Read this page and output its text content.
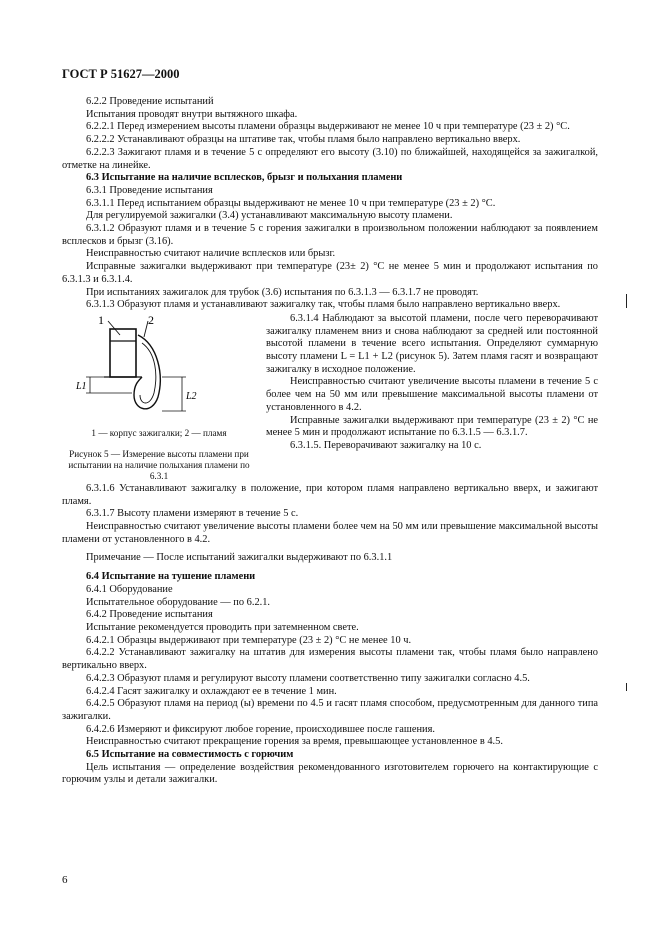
ГОСТ Р 51627—2000

6.2.2 Проведение испытаний

Испытания проводят внутри вытяжного шкафа.

6.2.2.1 Перед измерением высоты пламени образцы выдерживают не менее 10 ч при температуре (23 ± 2) °С.

6.2.2.2 Устанавливают образцы на штативе так, чтобы пламя было направлено вертикально вверх.

6.2.2.3 Зажигают пламя и в течение 5 с определяют его высоту (3.10) по ближайшей, находящейся за зажигалкой, отметке на линейке.

6.3 Испытание на наличие всплесков, брызг и полыхания пламени

6.3.1 Проведение испытания

6.3.1.1 Перед испытанием образцы выдерживают не менее 10 ч при температуре (23 ± 2) °С.

Для регулируемой зажигалки (3.4) устанавливают максимальную высоту пламени.

6.3.1.2 Образуют пламя и в течение 5 с горения зажигалки в произвольном положении наблюдают за появлением всплесков и брызг (3.16).

Неисправностью считают наличие всплесков или брызг.

Исправные зажигалки выдерживают при температуре (23± 2) °С не менее 5 мин и продолжают испытания по 6.3.1.3 и 6.3.1.4.

При испытаниях зажигалок для трубок (3.6) испытания по 6.3.1.3 — 6.3.1.7 не проводят.

6.3.1.3 Образуют пламя и устанавливают зажигалку так, чтобы пламя было направлено вертикально вверх.

1	2
L2
L1

1 — корпус зажигалки; 2 — пламя

Рисунок 5 — Измерение высоты пламени при испытании на наличие полыхания пламени по 6.3.1

6.3.1.4 Наблюдают за высотой пламени, после чего переворачивают зажигалку пламенем вниз и снова наблюдают за средней или постоянной высотой пламени в течение всего испытания. Определяют суммарную высоту пламени L = L1 + L2 (рисунок 5). Затем пламя гасят и возвращают зажигалку в исходное положение.

Неисправностью считают увеличение высоты пламени в течение 5 с более чем на 50 мм или превышение максимальной высоты пламени от установленного в 4.2.

Исправные зажигалки выдерживают при температуре (23 ± 2) °С не менее 5 мин и продолжают испытание по 6.3.1.5 — 6.3.1.7.

6.3.1.5. Переворачивают зажигалку на 10 с.

6.3.1.6 Устанавливают зажигалку в положение, при котором пламя направлено вертикально вверх, и зажигают пламя.

6.3.1.7 Высоту пламени измеряют в течение 5 с.

Неисправностью считают увеличение высоты пламени более чем на 50 мм или превышение максимальной высоты пламени от установленного в 4.2.

Примечание — После испытаний зажигалки выдерживают по 6.3.1.1

6.4 Испытание на тушение пламени

6.4.1 Оборудование

Испытательное оборудование — по 6.2.1.

6.4.2 Проведение испытания

Испытание рекомендуется проводить при затемненном свете.

6.4.2.1 Образцы выдерживают при температуре (23 ± 2) °С не менее 10 ч.

6.4.2.2 Устанавливают зажигалку на штатив для измерения высоты пламени так, чтобы пламя было направлено вертикально вверх.

6.4.2.3 Образуют пламя и регулируют высоту пламени соответственно типу зажигалки согласно 4.5.

6.4.2.4 Гасят зажигалку и охлаждают ее в течение 1 мин.

6.4.2.5 Образуют пламя на период (ы) времени по 4.5 и гасят пламя способом, предусмотренным для данного типа зажигалки.

6.4.2.6 Измеряют и фиксируют любое горение, происходившее после гашения.

Неисправностью считают прекращение горения за время, превышающее установленное в 4.5.

6.5 Испытание на совместимость с горючим

Цель испытания — определение воздействия рекомендованного изготовителем горючего на контактирующие с горючим узлы и детали зажигалки.

6
